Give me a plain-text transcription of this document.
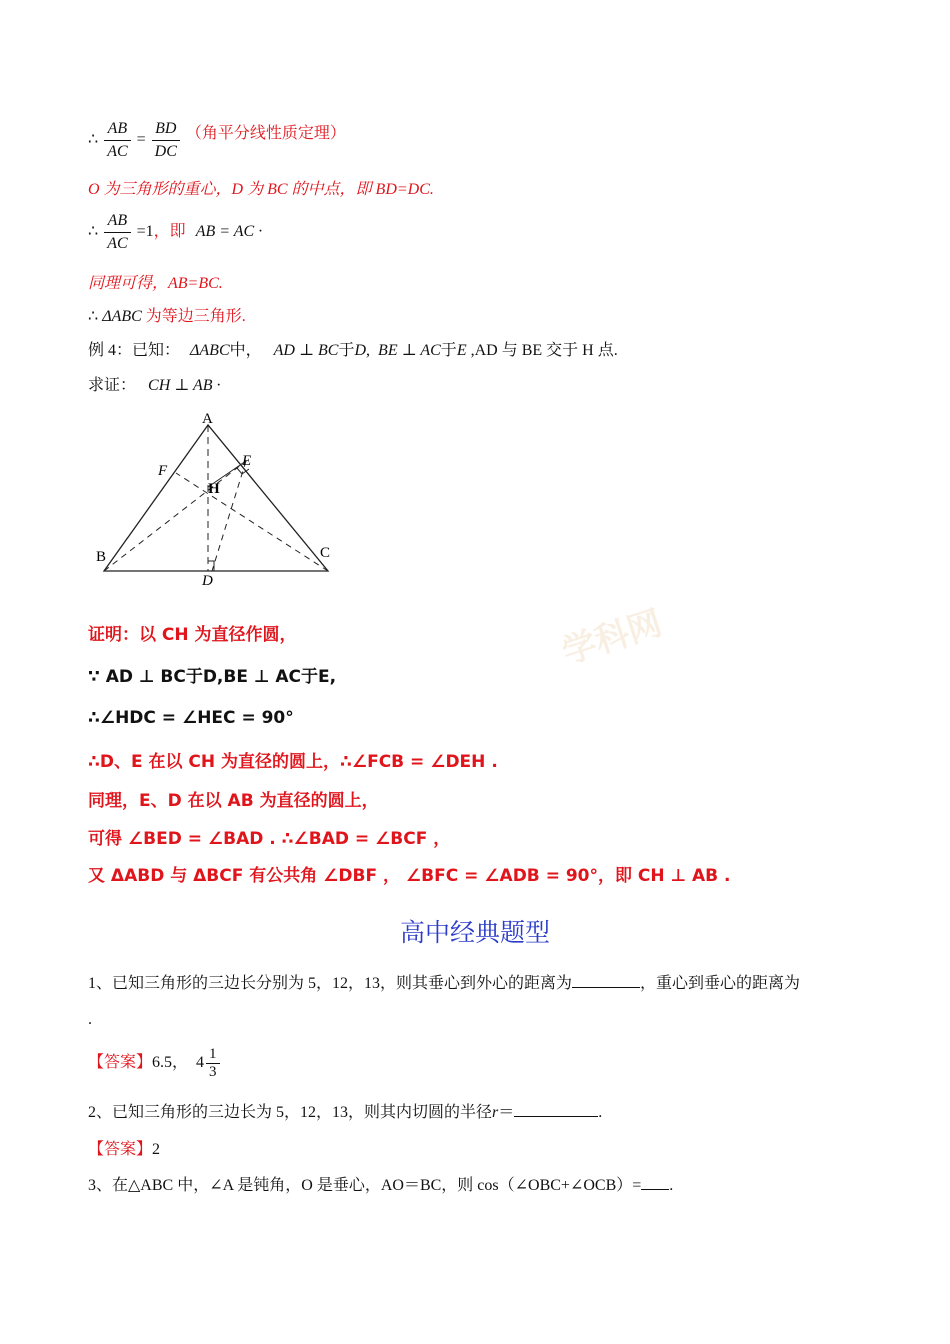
∴ $\frac{AB}{AC} = \frac{BD}{DC}$ （角平分线性质定理）
O 为三角形的重心，D 为 BC 的中点，即 BD=DC.
∴ $\frac{AB}{AC} =1$，即 AB = AC ·
同理可得，AB=BC.
∴ ΔABC 为等边三角形.
例 4：已知： ΔABC中， AD ⊥ BC于D, BE ⊥ AC于E ,AD 与 BE 交于 H 点.
求证： CH ⊥ AB ·
A
B	C
D
E
F
H
学科网
证明：以 CH 为直径作圆，
∵ AD ⊥ BC于D,BE ⊥ AC于E,
∴∠HDC = ∠HEC = 90°
∴D、E 在以 CH 为直径的圆上，∴∠FCB = ∠DEH .
同理，E、D 在以 AB 为直径的圆上，
可得 ∠BED = ∠BAD . ∴∠BAD = ∠BCF ，
又 ΔABD 与 ΔBCF 有公共角 ∠DBF ， ∠BFC = ∠ADB = 90°，即 CH ⊥ AB .
高中经典题型
1、已知三角形的三边长分别为 5，12，13，则其垂心到外心的距离为	，重心到垂心的距离为
.
【答案】6.5， $4 \frac{1}{3}$
2、已知三角形的三边长为 5，12，13，则其内切圆的半径r＝	.
【答案】2
3、在△ABC 中，∠A 是钝角，O 是垂心，AO＝BC，则 cos（∠OBC+∠OCB）= .
